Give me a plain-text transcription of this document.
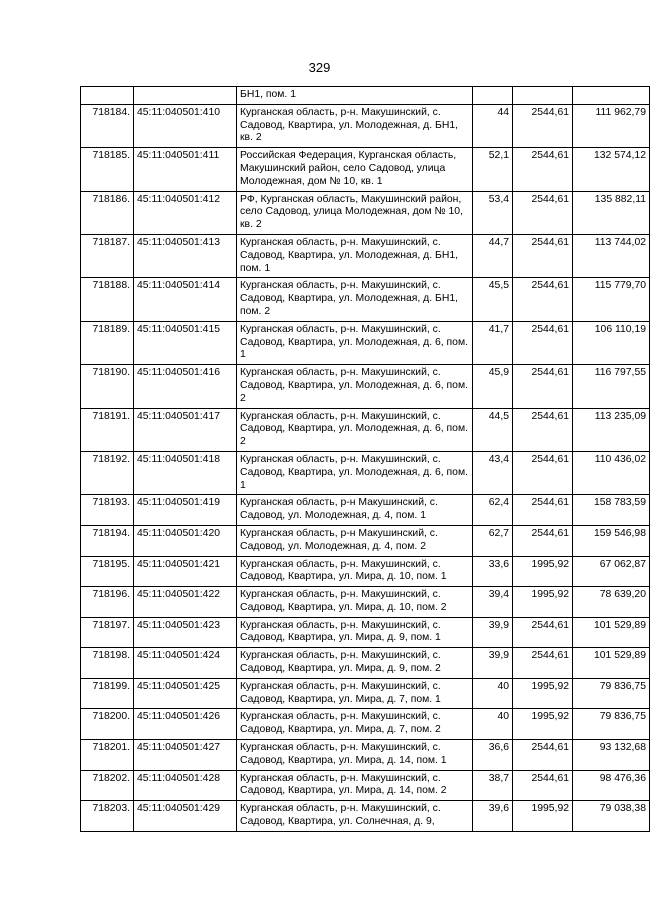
329
		БН1, пом. 1			
718184.	45:11:040501:410	Курганская область, р-н. Макушинский, с. Садовод, Квартира, ул. Молодежная, д. БН1, кв. 2	44	2544,61	111 962,79
718185.	45:11:040501:411	Российская Федерация, Курганская область, Макушинский район, село Садовод, улица Молодежная, дом № 10, кв. 1	52,1	2544,61	132 574,12
718186.	45:11:040501:412	РФ, Курганская область, Макушинский район, село Садовод, улица Молодежная, дом № 10, кв. 2	53,4	2544,61	135 882,11
718187.	45:11:040501:413	Курганская область, р-н. Макушинский, с. Садовод, Квартира, ул. Молодежная, д. БН1, пом. 1	44,7	2544,61	113 744,02
718188.	45:11:040501:414	Курганская область, р-н. Макушинский, с. Садовод, Квартира, ул. Молодежная, д. БН1, пом. 2	45,5	2544,61	115 779,70
718189.	45:11:040501:415	Курганская область, р-н. Макушинский, с. Садовод, Квартира, ул. Молодежная, д. 6, пом. 1	41,7	2544,61	106 110,19
718190.	45:11:040501:416	Курганская область, р-н. Макушинский, с. Садовод, Квартира, ул. Молодежная, д. 6, пом. 2	45,9	2544,61	116 797,55
718191.	45:11:040501:417	Курганская область, р-н. Макушинский, с. Садовод, Квартира, ул. Молодежная, д. 6, пом. 2	44,5	2544,61	113 235,09
718192.	45:11:040501:418	Курганская область, р-н. Макушинский, с. Садовод, Квартира, ул. Молодежная, д. 6, пом. 1	43,4	2544,61	110 436,02
718193.	45:11:040501:419	Курганская область, р-н Макушинский, с. Садовод, ул. Молодежная, д. 4, пом. 1	62,4	2544,61	158 783,59
718194.	45:11:040501:420	Курганская область, р-н Макушинский, с. Садовод, ул. Молодежная, д. 4, пом. 2	62,7	2544,61	159 546,98
718195.	45:11:040501:421	Курганская область, р-н. Макушинский, с. Садовод, Квартира, ул. Мира, д. 10, пом. 1	33,6	1995,92	67 062,87
718196.	45:11:040501:422	Курганская область, р-н. Макушинский, с. Садовод, Квартира, ул. Мира, д. 10, пом. 2	39,4	1995,92	78 639,20
718197.	45:11:040501:423	Курганская область, р-н. Макушинский, с. Садовод, Квартира, ул. Мира, д. 9, пом. 1	39,9	2544,61	101 529,89
718198.	45:11:040501:424	Курганская область, р-н. Макушинский, с. Садовод, Квартира, ул. Мира, д. 9, пом. 2	39,9	2544,61	101 529,89
718199.	45:11:040501:425	Курганская область, р-н. Макушинский, с. Садовод, Квартира, ул. Мира, д. 7, пом. 1	40	1995,92	79 836,75
718200.	45:11:040501:426	Курганская область, р-н. Макушинский, с. Садовод, Квартира, ул. Мира, д. 7, пом. 2	40	1995,92	79 836,75
718201.	45:11:040501:427	Курганская область, р-н. Макушинский, с. Садовод, Квартира, ул. Мира, д. 14, пом. 1	36,6	2544,61	93 132,68
718202.	45:11:040501:428	Курганская область, р-н. Макушинский, с. Садовод, Квартира, ул. Мира, д. 14, пом. 2	38,7	2544,61	98 476,36
718203.	45:11:040501:429	Курганская область, р-н. Макушинский, с. Садовод, Квартира, ул. Солнечная, д. 9,	39,6	1995,92	79 038,38
